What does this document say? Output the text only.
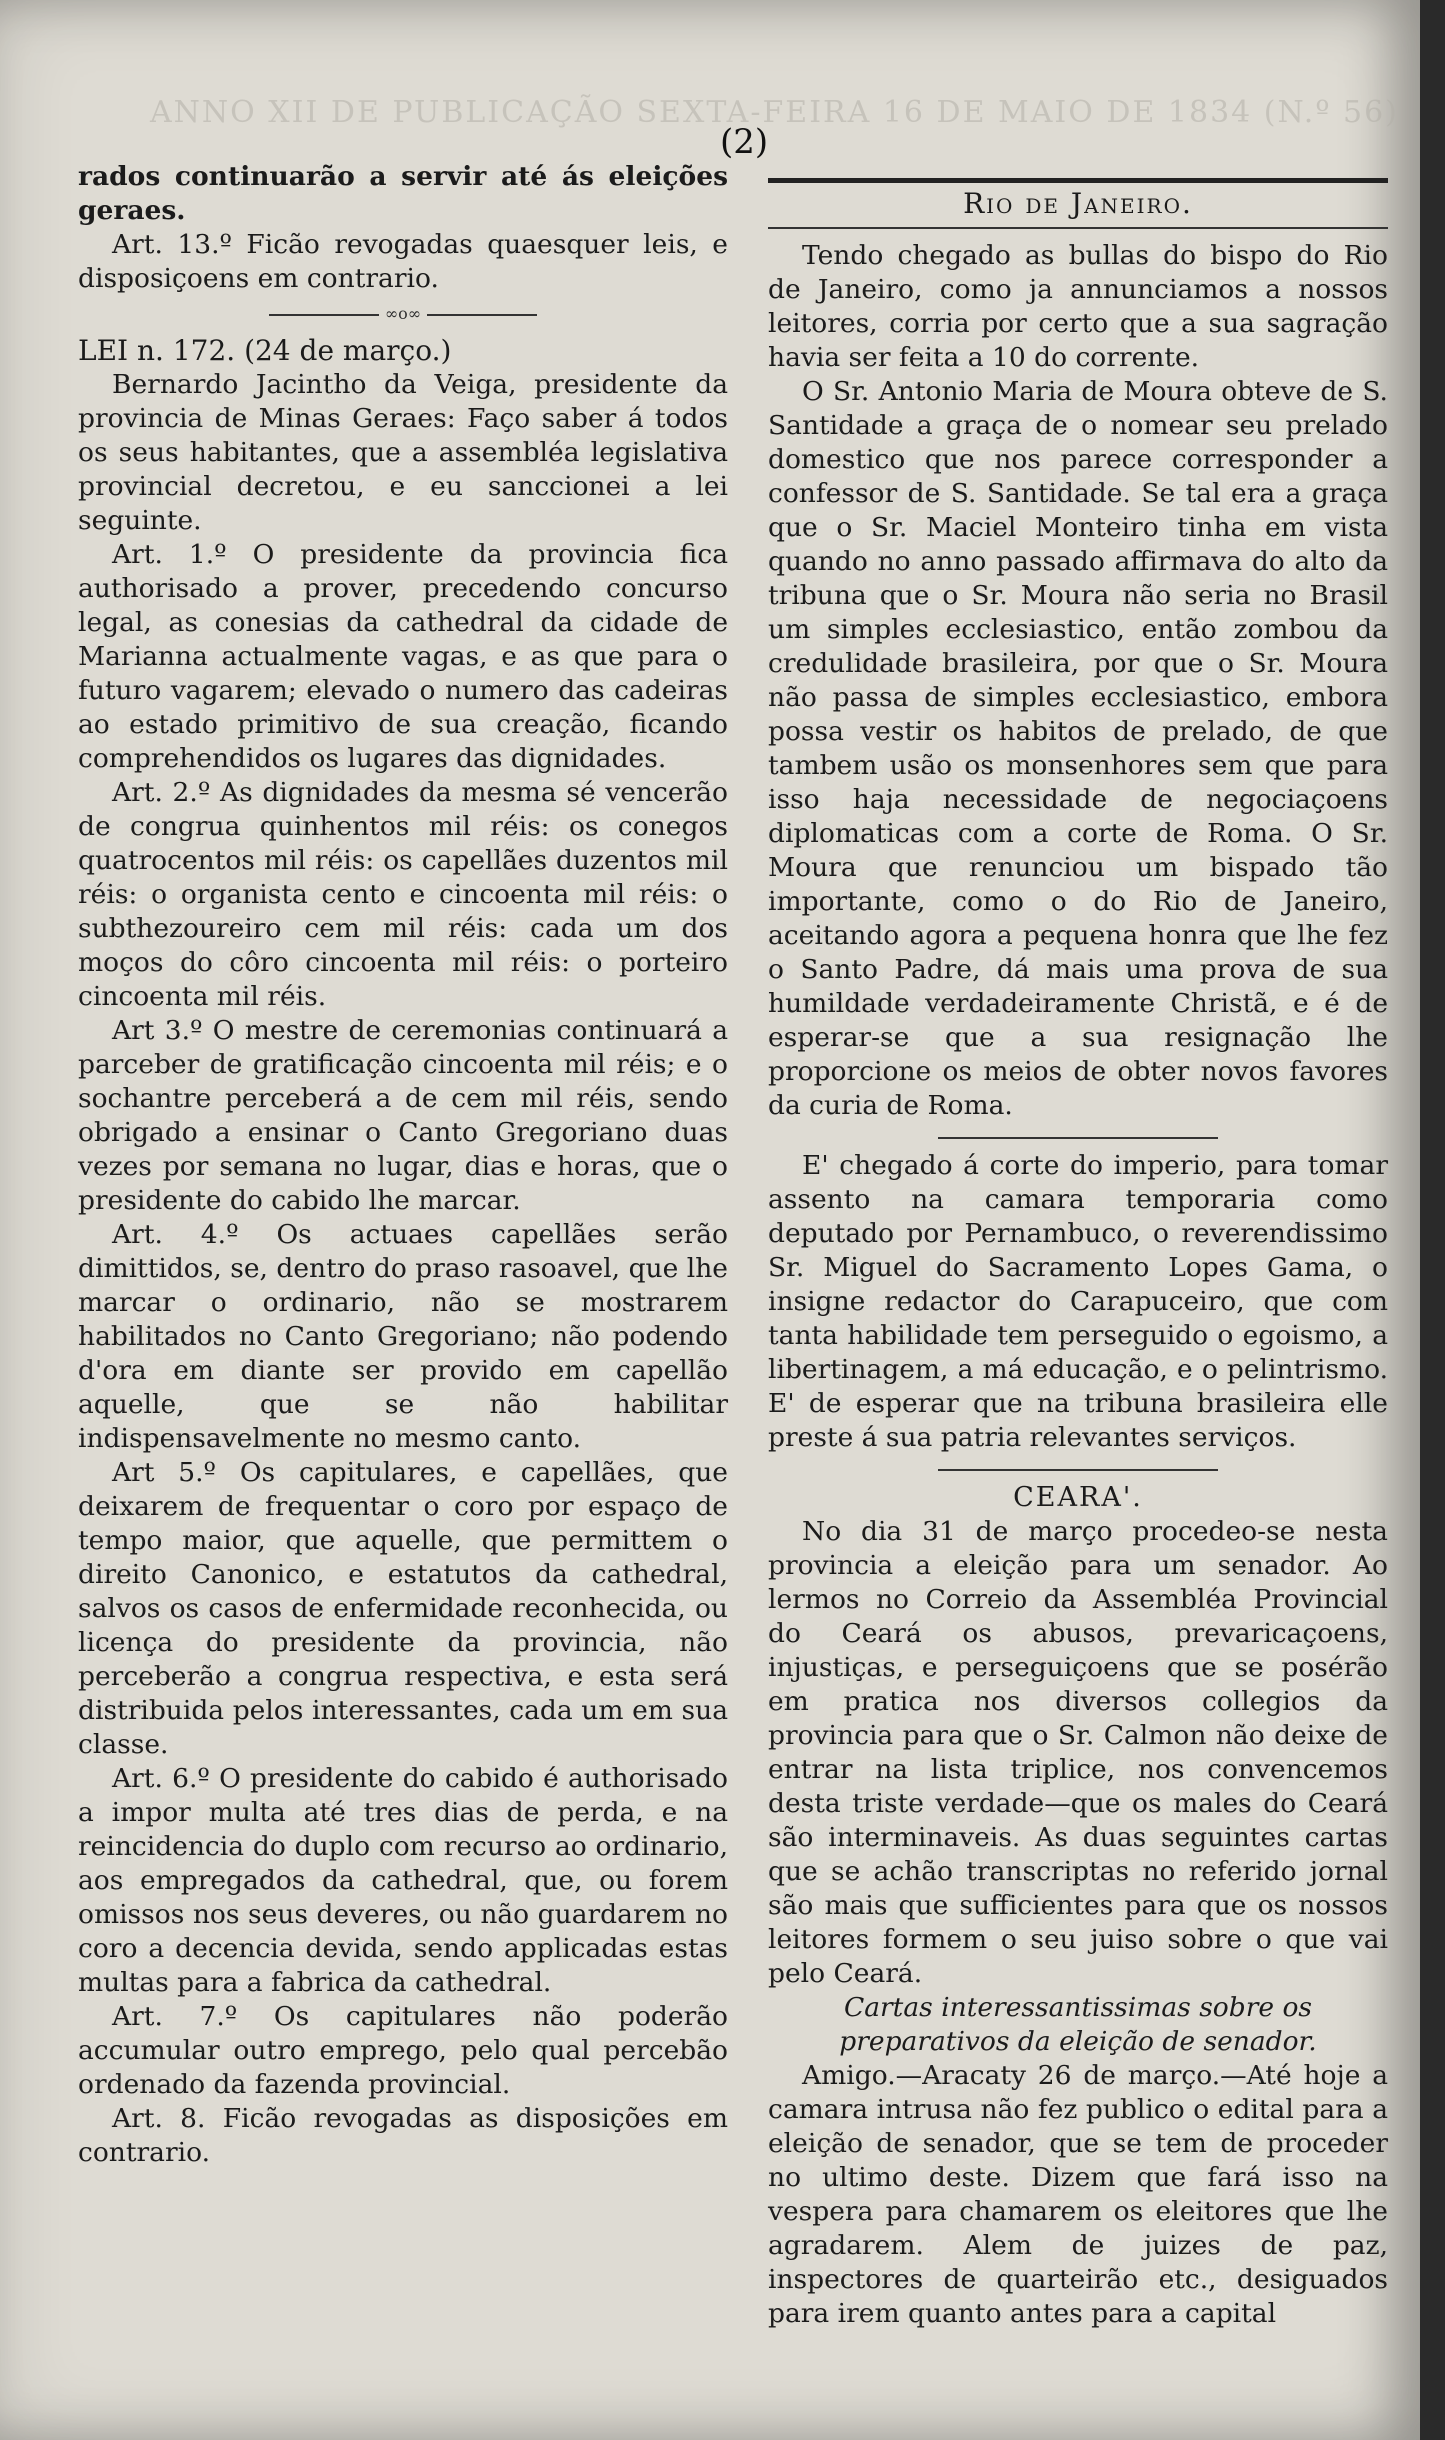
ANNO XII DE PUBLICAÇÃO SEXTA-FEIRA 16 DE MAIO DE 1834 (N.º 56)
(2)

rados continuarão a servir até ás eleições geraes.

Art. 13.º Ficão revogadas quaesquer leis, e disposiçoens em contrario.

∞o∞

LEI n. 172. (24 de março.)

Bernardo Jacintho da Veiga, presidente da provincia de Minas Geraes: Faço saber á todos os seus habitantes, que a assembléa legislativa provincial decretou, e eu sanccionei a lei seguinte.

Art. 1.º O presidente da provincia fica authorisado a prover, precedendo concurso legal, as conesias da cathedral da cidade de Marianna actualmente vagas, e as que para o futuro vagarem; elevado o numero das cadeiras ao estado primitivo de sua creação, ficando comprehendidos os lugares das dignidades.

Art. 2.º As dignidades da mesma sé vencerão de congrua quinhentos mil réis: os conegos quatrocentos mil réis: os capellães duzentos mil réis: o organista cento e cincoenta mil réis: o subthezoureiro cem mil réis: cada um dos moços do côro cincoenta mil réis: o porteiro cincoenta mil réis.

Art 3.º O mestre de ceremonias continuará a parceber de gratificação cincoenta mil réis; e o sochantre perceberá a de cem mil réis, sendo obrigado a ensinar o Canto Gregoriano duas vezes por semana no lugar, dias e horas, que o presidente do cabido lhe marcar.

Art. 4.º Os actuaes capellães serão dimittidos, se, dentro do praso rasoavel, que lhe marcar o ordinario, não se mostrarem habilitados no Canto Gregoriano; não podendo d'ora em diante ser provido em capellão aquelle, que se não habilitar indispensavelmente no mesmo canto.

Art 5.º Os capitulares, e capellães, que deixarem de frequentar o coro por espaço de tempo maior, que aquelle, que permittem o direito Canonico, e estatutos da cathedral, salvos os casos de enfermidade reconhecida, ou licença do presidente da provincia, não perceberão a congrua respectiva, e esta será distribuida pelos interessantes, cada um em sua classe.

Art. 6.º O presidente do cabido é authorisado a impor multa até tres dias de perda, e na reincidencia do duplo com recurso ao ordinario, aos empregados da cathedral, que, ou forem omissos nos seus deveres, ou não guardarem no coro a decencia devida, sendo applicadas estas multas para a fabrica da cathedral.

Art. 7.º Os capitulares não poderão accumular outro emprego, pelo qual percebão ordenado da fazenda provincial.

Art. 8. Ficão revogadas as disposições em contrario.

Rio de Janeiro.

Tendo chegado as bullas do bispo do Rio de Janeiro, como ja annunciamos a nossos leitores, corria por certo que a sua sagração havia ser feita a 10 do corrente.

O Sr. Antonio Maria de Moura obteve de S. Santidade a graça de o nomear seu prelado domestico que nos parece corresponder a confessor de S. Santidade. Se tal era a graça que o Sr. Maciel Monteiro tinha em vista quando no anno passado affirmava do alto da tribuna que o Sr. Moura não seria no Brasil um simples ecclesiastico, então zombou da credulidade brasileira, por que o Sr. Moura não passa de simples ecclesiastico, embora possa vestir os habitos de prelado, de que tambem usão os monsenhores sem que para isso haja necessidade de negociaçoens diplomaticas com a corte de Roma. O Sr. Moura que renunciou um bispado tão importante, como o do Rio de Janeiro, aceitando agora a pequena honra que lhe fez o Santo Padre, dá mais uma prova de sua humildade verdadeiramente Christã, e é de esperar-se que a sua resignação lhe proporcione os meios de obter novos favores da curia de Roma.

E' chegado á corte do imperio, para tomar assento na camara temporaria como deputado por Pernambuco, o reverendissimo Sr. Miguel do Sacramento Lopes Gama, o insigne redactor do Carapuceiro, que com tanta habilidade tem perseguido o egoismo, a libertinagem, a má educação, e o pelintrismo. E' de esperar que na tribuna brasileira elle preste á sua patria relevantes serviços.

CEARA'.

No dia 31 de março procedeo-se nesta provincia a eleição para um senador. Ao lermos no Correio da Assembléa Provincial do Ceará os abusos, prevaricaçoens, injustiças, e perseguiçoens que se posérão em pratica nos diversos collegios da provincia para que o Sr. Calmon não deixe de entrar na lista triplice, nos convencemos desta triste verdade—que os males do Ceará são interminaveis. As duas seguintes cartas que se achão transcriptas no referido jornal são mais que sufficientes para que os nossos leitores formem o seu juiso sobre o que vai pelo Ceará.

Cartas interessantissimas sobre os preparativos da eleição de senador.

Amigo.—Aracaty 26 de março.—Até hoje a camara intrusa não fez publico o edital para a eleição de senador, que se tem de proceder no ultimo deste. Dizem que fará isso na vespera para chamarem os eleitores que lhe agradarem. Alem de juizes de paz, inspectores de quarteirão etc., desiguados para irem quanto antes para a capital
